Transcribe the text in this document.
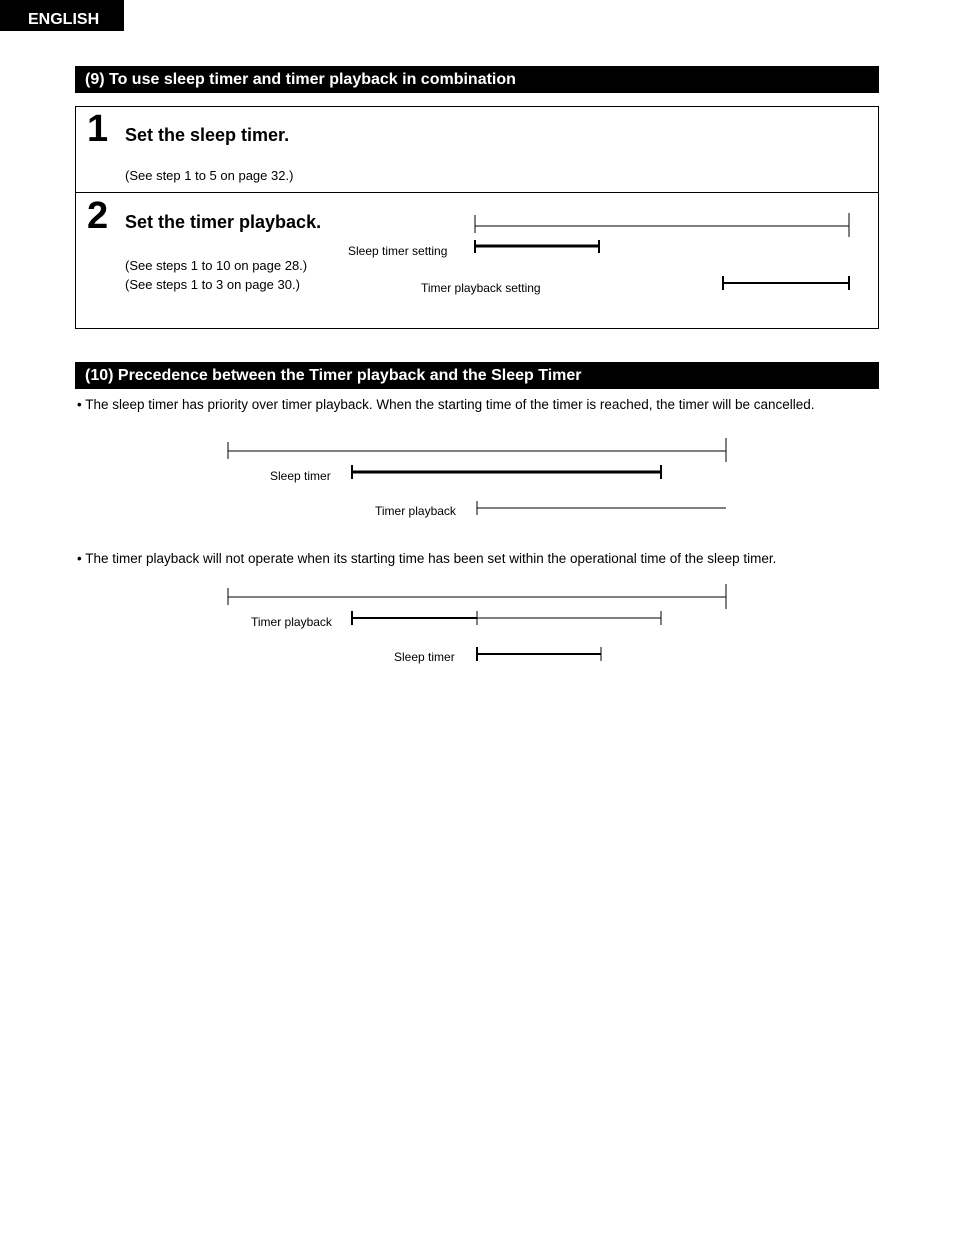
ENGLISH
(9) To use sleep timer and timer playback in combination
1 Set the sleep timer.
(See step 1 to 5 on page 32.)
2 Set the timer playback.
(See steps 1 to 10 on page 28.)
(See steps 1 to 3 on page 30.)
Sleep timer setting
Timer playback setting
(10) Precedence between the Timer playback and the Sleep Timer
• The sleep timer has priority over timer playback. When the starting time of the timer is reached, the timer will be cancelled.
Sleep timer
Timer playback
• The timer playback will not operate when its starting time has been set within the operational time of the sleep timer.
Timer playback
Sleep timer
